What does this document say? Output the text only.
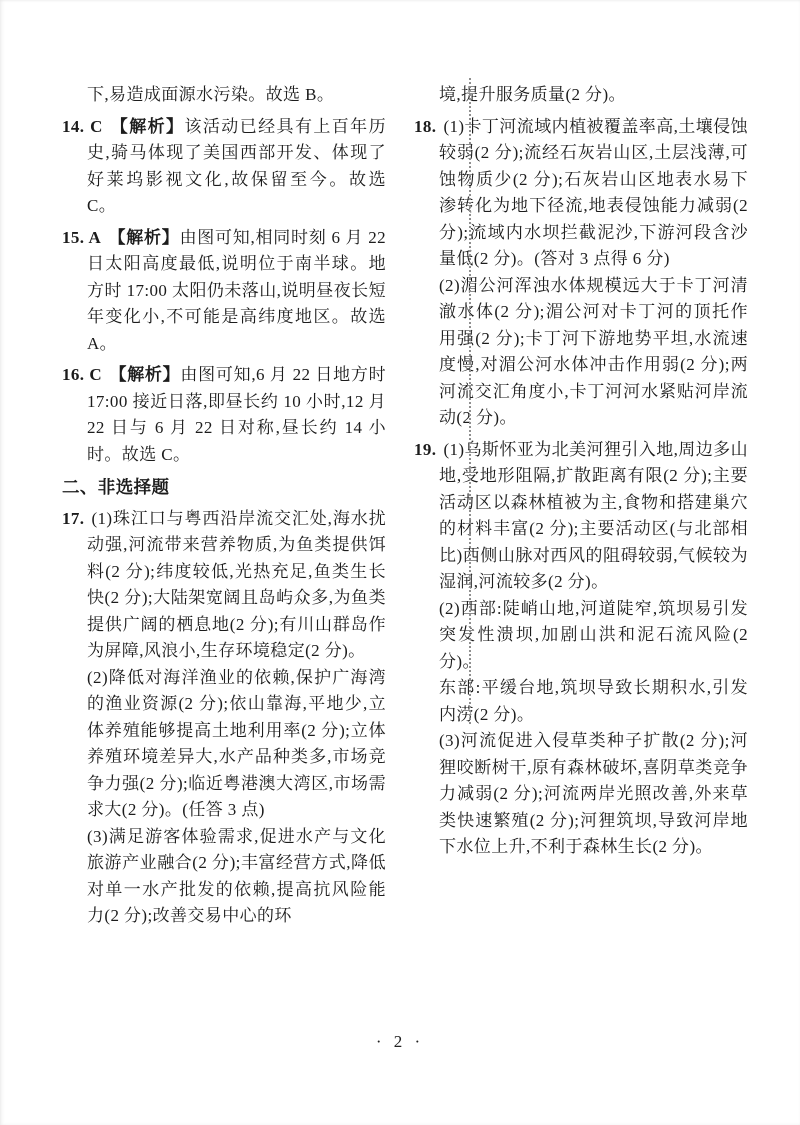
下,易造成面源水污染。故选 B。

14. C 【解析】该活动已经具有上百年历史,骑马体现了美国西部开发、体现了好莱坞影视文化,故保留至今。故选 C。

15. A 【解析】由图可知,相同时刻 6 月 22 日太阳高度最低,说明位于南半球。地方时 17:00 太阳仍未落山,说明昼夜长短年变化小,不可能是高纬度地区。故选 A。

16. C 【解析】由图可知,6 月 22 日地方时 17:00 接近日落,即昼长约 10 小时,12 月 22 日与 6 月 22 日对称,昼长约 14 小时。故选 C。

二、非选择题

17. (1)珠江口与粤西沿岸流交汇处,海水扰动强,河流带来营养物质,为鱼类提供饵料(2 分);纬度较低,光热充足,鱼类生长快(2 分);大陆架宽阔且岛屿众多,为鱼类提供广阔的栖息地(2 分);有川山群岛作为屏障,风浪小,生存环境稳定(2 分)。

(2)降低对海洋渔业的依赖,保护广海湾的渔业资源(2 分);依山靠海,平地少,立体养殖能够提高土地利用率(2 分);立体养殖环境差异大,水产品种类多,市场竞争力强(2 分);临近粤港澳大湾区,市场需求大(2 分)。(任答 3 点)

(3)满足游客体验需求,促进水产与文化旅游产业融合(2 分);丰富经营方式,降低对单一水产批发的依赖,提高抗风险能力(2 分);改善交易中心的环

境,提升服务质量(2 分)。

18. (1)卡丁河流域内植被覆盖率高,土壤侵蚀较弱(2 分);流经石灰岩山区,土层浅薄,可蚀物质少(2 分);石灰岩山区地表水易下渗转化为地下径流,地表侵蚀能力减弱(2 分);流域内水坝拦截泥沙,下游河段含沙量低(2 分)。(答对 3 点得 6 分)

(2)湄公河浑浊水体规模远大于卡丁河清澈水体(2 分);湄公河对卡丁河的顶托作用强(2 分);卡丁河下游地势平坦,水流速度慢,对湄公河水体冲击作用弱(2 分);两河流交汇角度小,卡丁河河水紧贴河岸流动(2 分)。

19. (1)乌斯怀亚为北美河狸引入地,周边多山地,受地形阻隔,扩散距离有限(2 分);主要活动区以森林植被为主,食物和搭建巢穴的材料丰富(2 分);主要活动区(与北部相比)西侧山脉对西风的阻碍较弱,气候较为湿润,河流较多(2 分)。

(2)西部:陡峭山地,河道陡窄,筑坝易引发突发性溃坝,加剧山洪和泥石流风险(2 分)。

东部:平缓台地,筑坝导致长期积水,引发内涝(2 分)。

(3)河流促进入侵草类种子扩散(2 分);河狸咬断树干,原有森林破坏,喜阴草类竞争力减弱(2 分);河流两岸光照改善,外来草类快速繁殖(2 分);河狸筑坝,导致河岸地下水位上升,不利于森林生长(2 分)。

· 2 ·
